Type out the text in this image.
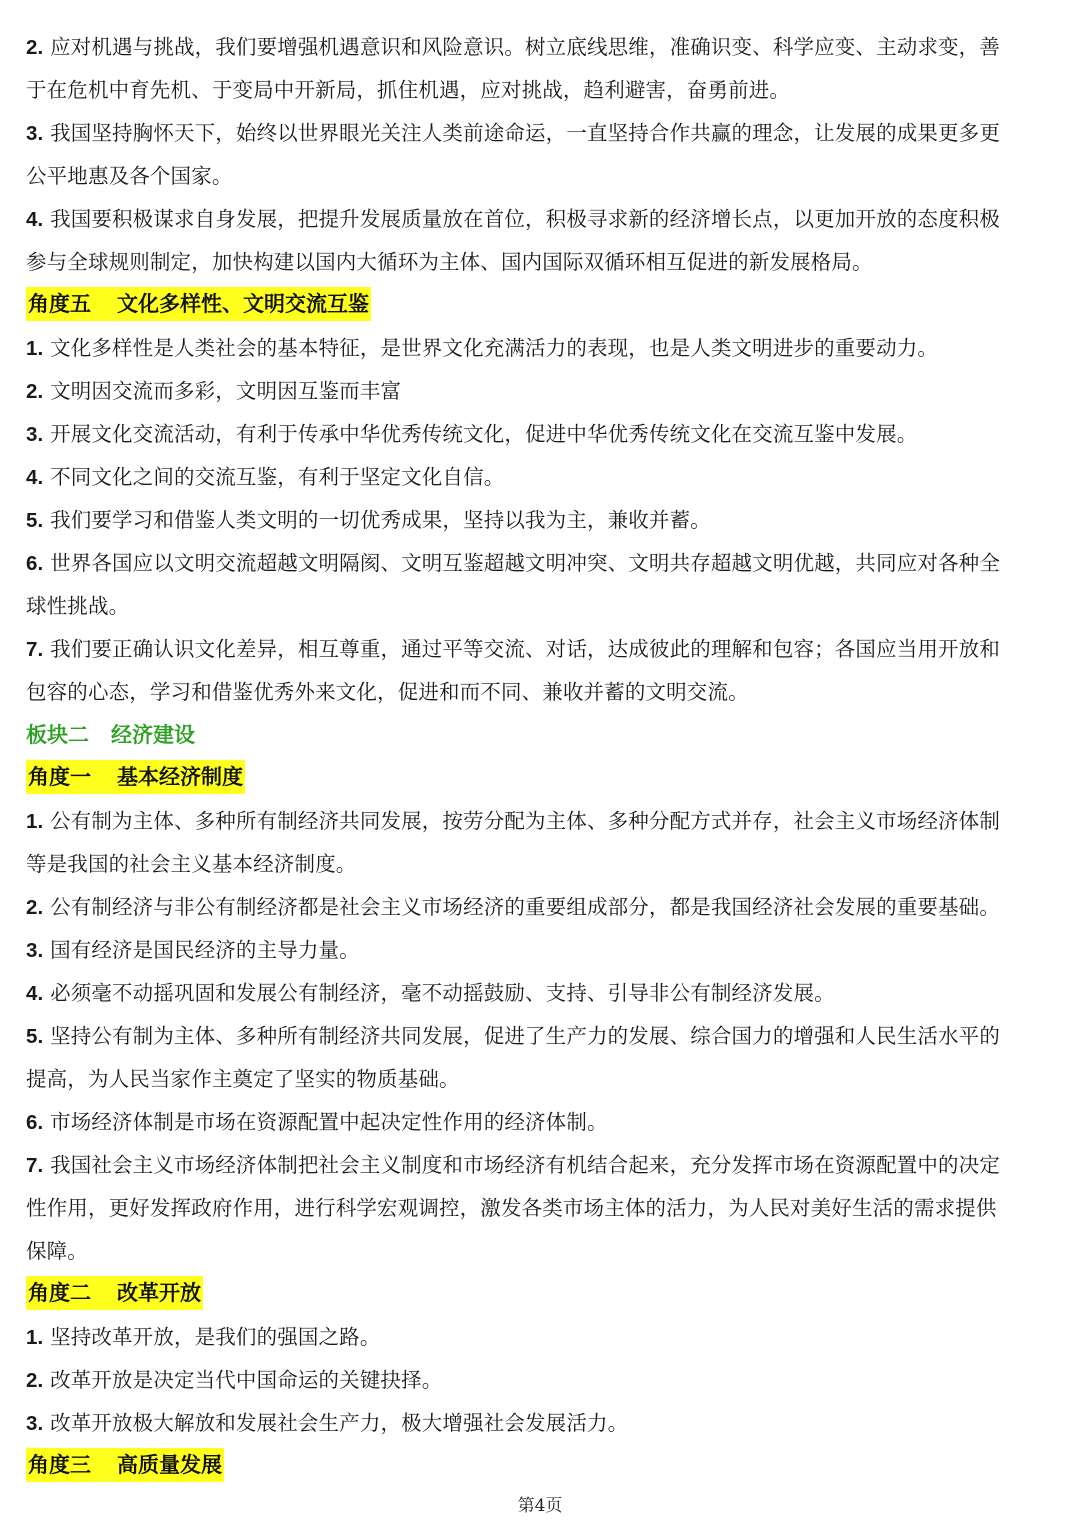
2. 应对机遇与挑战，我们要增强机遇意识和风险意识。树立底线思维，准确识变、科学应变、主动求变，善
于在危机中育先机、于变局中开新局，抓住机遇，应对挑战，趋利避害，奋勇前进。
3. 我国坚持胸怀天下，始终以世界眼光关注人类前途命运，一直坚持合作共赢的理念，让发展的成果更多更
公平地惠及各个国家。
4. 我国要积极谋求自身发展，把提升发展质量放在首位，积极寻求新的经济增长点，以更加开放的态度积极
参与全球规则制定，加快构建以国内大循环为主体、国内国际双循环相互促进的新发展格局。
角度五 文化多样性、文明交流互鉴
1. 文化多样性是人类社会的基本特征，是世界文化充满活力的表现，也是人类文明进步的重要动力。
2. 文明因交流而多彩，文明因互鉴而丰富
3. 开展文化交流活动，有利于传承中华优秀传统文化，促进中华优秀传统文化在交流互鉴中发展。
4. 不同文化之间的交流互鉴，有利于坚定文化自信。
5. 我们要学习和借鉴人类文明的一切优秀成果，坚持以我为主，兼收并蓄。
6. 世界各国应以文明交流超越文明隔阂、文明互鉴超越文明冲突、文明共存超越文明优越，共同应对各种全
球性挑战。
7. 我们要正确认识文化差异，相互尊重，通过平等交流、对话，达成彼此的理解和包容；各国应当用开放和
包容的心态，学习和借鉴优秀外来文化，促进和而不同、兼收并蓄的文明交流。
板块二 经济建设
角度一 基本经济制度
1. 公有制为主体、多种所有制经济共同发展，按劳分配为主体、多种分配方式并存，社会主义市场经济体制
等是我国的社会主义基本经济制度。
2. 公有制经济与非公有制经济都是社会主义市场经济的重要组成部分，都是我国经济社会发展的重要基础。
3. 国有经济是国民经济的主导力量。
4. 必须毫不动摇巩固和发展公有制经济，毫不动摇鼓励、支持、引导非公有制经济发展。
5. 坚持公有制为主体、多种所有制经济共同发展，促进了生产力的发展、综合国力的增强和人民生活水平的
提高，为人民当家作主奠定了坚实的物质基础。
6. 市场经济体制是市场在资源配置中起决定性作用的经济体制。
7. 我国社会主义市场经济体制把社会主义制度和市场经济有机结合起来，充分发挥市场在资源配置中的决定
性作用，更好发挥政府作用，进行科学宏观调控，激发各类市场主体的活力，为人民对美好生活的需求提供
保障。
角度二 改革开放
1. 坚持改革开放，是我们的强国之路。
2. 改革开放是决定当代中国命运的关键抉择。
3. 改革开放极大解放和发展社会生产力，极大增强社会发展活力。
角度三 高质量发展
第4页
